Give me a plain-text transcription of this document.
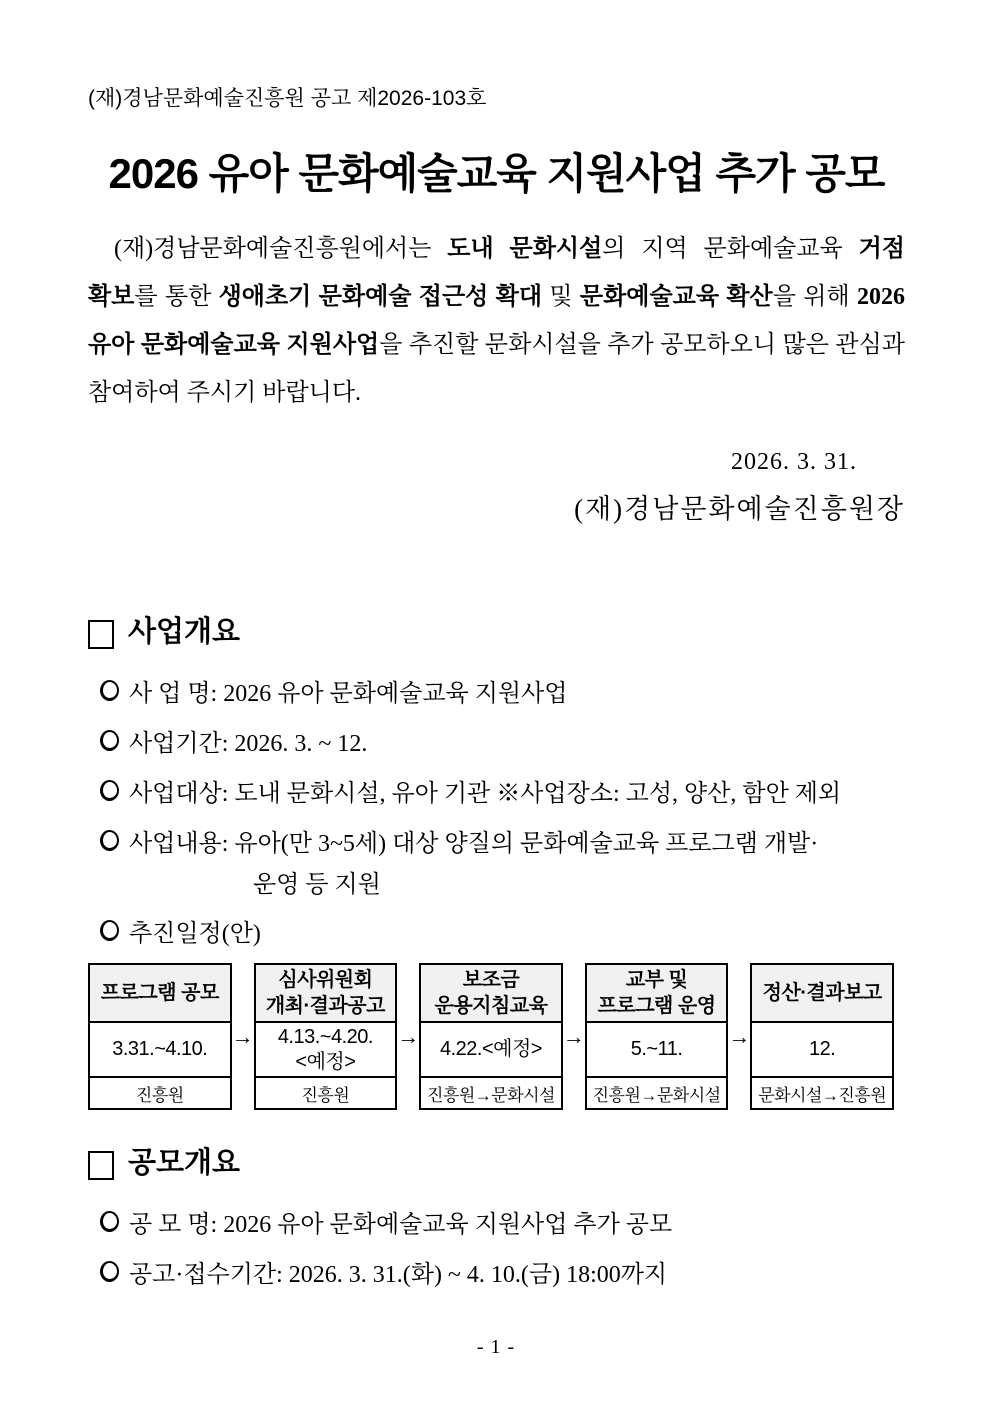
(재)경남문화예술진흥원 공고 제2026-103호
2026 유아 문화예술교육 지원사업 추가 공모

(재)경남문화예술진흥원에서는 도내 문화시설의 지역 문화예술교육 거점 확보를 통한 생애초기 문화예술 접근성 확대 및 문화예술교육 확산을 위해 2026 유아 문화예술교육 지원사업을 추진할 문화시설을 추가 공모하오니 많은 관심과 참여하여 주시기 바랍니다.

2026. 3. 31.
(재)경남문화예술진흥원장
사업개요
사 업 명: 2026 유아 문화예술교육 지원사업
사업기간: 2026. 3. ~ 12.
사업대상: 도내 문화시설, 유아 기관 ※사업장소: 고성, 양산, 함안 제외
사업내용: 유아(만 3~5세) 대상 양질의 문화예술교육 프로그램 개발·
운영 등 지원
추진일정(안)
프로그램 공모
3.31.~4.10.
진흥원
→
심사위원회
개최·결과공고
4.13.~4.20.
<예정>
진흥원
→
보조금
운용지침교육
4.22.<예정>
진흥원→문화시설
→
교부 및
프로그램 운영
5.~11.
진흥원→문화시설
→
정산·결과보고
12.
문화시설→진흥원
공모개요
공 모 명: 2026 유아 문화예술교육 지원사업 추가 공모
공고·접수기간: 2026. 3. 31.(화) ~ 4. 10.(금) 18:00까지
- 1 -
